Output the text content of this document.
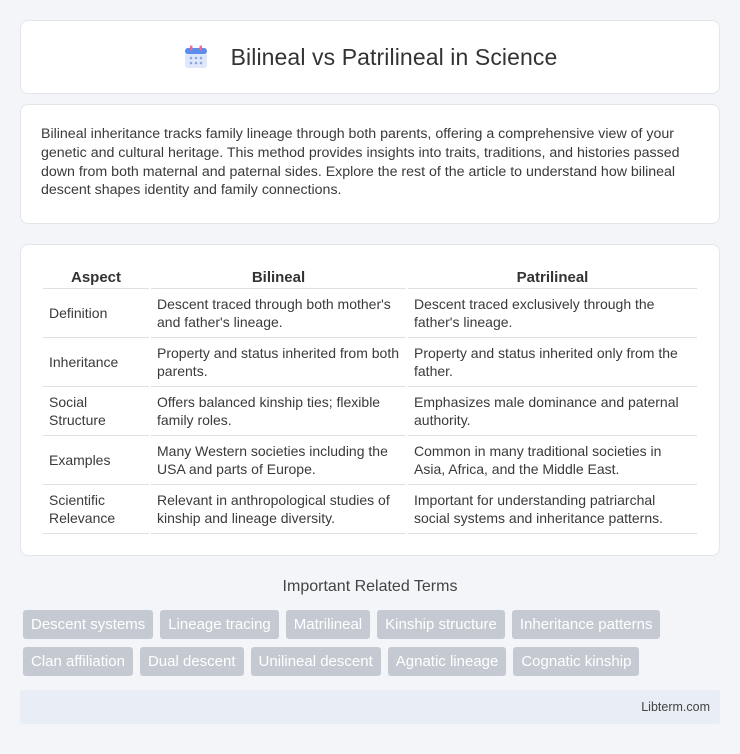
Bilineal vs Patrilineal in Science

Bilineal inheritance tracks family lineage through both parents, offering a comprehensive view of your genetic and cultural heritage. This method provides insights into traits, traditions, and histories passed down from both maternal and paternal sides. Explore the rest of the article to understand how bilineal descent shapes identity and family connections.

Aspect	Bilineal	Patrilineal
Definition	Descent traced through both mother's and father's lineage.	Descent traced exclusively through the father's lineage.
Inheritance	Property and status inherited from both parents.	Property and status inherited only from the father.
Social Structure	Offers balanced kinship ties; flexible family roles.	Emphasizes male dominance and paternal authority.
Examples	Many Western societies including the USA and parts of Europe.	Common in many traditional societies in Asia, Africa, and the Middle East.
Scientific Relevance	Relevant in anthropological studies of kinship and lineage diversity.	Important for understanding patriarchal social systems and inheritance patterns.
Important Related Terms
Descent systems	Lineage tracing	Matrilineal	Kinship structure	Inheritance patterns
Clan affiliation	Dual descent	Unilineal descent	Agnatic lineage	Cognatic kinship
Libterm.com
